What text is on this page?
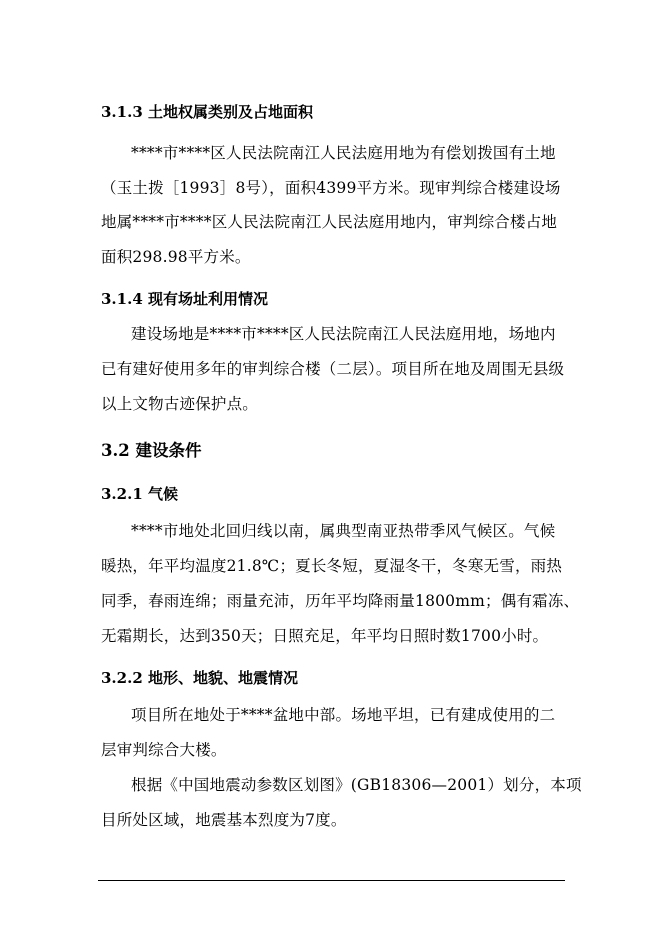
3.1.3 土地权属类别及占地面积
****市****区人民法院南江人民法庭用地为有偿划拨国有土地
（玉土拨［1993］8号），面积4399平方米。现审判综合楼建设场
地属****市****区人民法院南江人民法庭用地内，审判综合楼占地
面积298.98平方米。
3.1.4 现有场址利用情况
建设场地是****市****区人民法院南江人民法庭用地，场地内
已有建好使用多年的审判综合楼（二层）。项目所在地及周围无县级
以上文物古迹保护点。
3.2 建设条件
3.2.1 气候
****市地处北回归线以南，属典型南亚热带季风气候区。气候
暖热，年平均温度21.8℃；夏长冬短，夏湿冬干，冬寒无雪，雨热
同季，春雨连绵；雨量充沛，历年平均降雨量1800mm；偶有霜冻、
无霜期长，达到350天；日照充足，年平均日照时数1700小时。
3.2.2 地形、地貌、地震情况
项目所在地处于****盆地中部。场地平坦，已有建成使用的二
层审判综合大楼。
根据《中国地震动参数区划图》(GB18306—2001）划分，本项
目所处区域，地震基本烈度为7度。
